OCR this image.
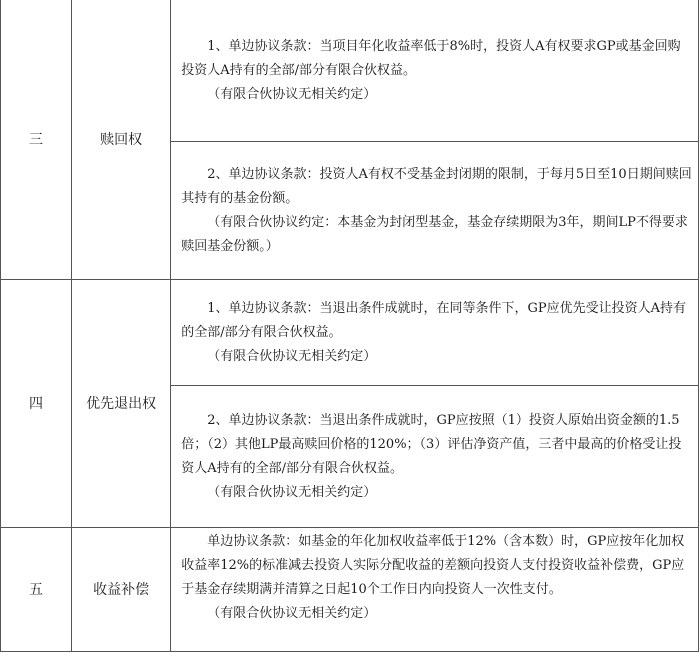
三	赎回权	1、单边协议条款：当项目年化收益率低于8%时，投资人A有权要求GP或基金回购投资人A持有的全部/部分有限合伙权益。

（有限合伙协议无相关约定）

		2、单边协议条款：投资人A有权不受基金封闭期的限制，于每月5日至10日期间赎回其持有的基金份额。

（有限合伙协议约定：本基金为封闭型基金，基金存续期限为3年，期间LP不得要求赎回基金份额。）

四	优先退出权	1、单边协议条款：当退出条件成就时，在同等条件下，GP应优先受让投资人A持有的全部/部分有限合伙权益。

（有限合伙协议无相关约定）

		2、单边协议条款：当退出条件成就时，GP应按照（1）投资人原始出资金额的1.5倍；（2）其他LP最高赎回价格的120%；（3）评估净资产值，三者中最高的价格受让投资人A持有的全部/部分有限合伙权益。

（有限合伙协议无相关约定）

五	收益补偿	单边协议条款：如基金的年化加权收益率低于12%（含本数）时，GP应按年化加权收益率12%的标准减去投资人实际分配收益的差额向投资人支付投资收益补偿费，GP应于基金存续期满并清算之日起10个工作日内向投资人一次性支付。

（有限合伙协议无相关约定）
